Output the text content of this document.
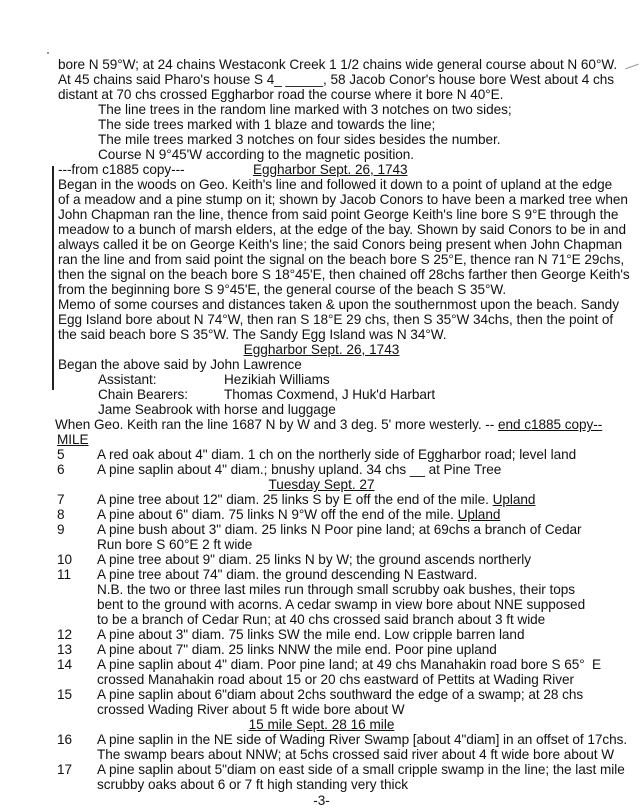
bore N 59°W; at 24 chains Westaconk Creek 1 1/2 chains wide general course about N 60°W.
At 45 chains said Pharo's house S 4_ _____, 58 Jacob Conor's house bore West about 4 chs
distant at 70 chs crossed Eggharbor road the course where it bore N 40°E.
The line trees in the random line marked with 3 notches on two sides;
The side trees marked with 1 blaze and towards the line;
The mile trees marked 3 notches on four sides besides the number.
Course N 9°45'W according to the magnetic position.
---from c1885 copy---	Eggharbor Sept. 26, 1743
Began in the woods on Geo. Keith's line and followed it down to a point of upland at the edge
of a meadow and a pine stump on it; shown by Jacob Conors to have been a marked tree when
John Chapman ran the line, thence from said point George Keith's line bore S 9°E through the
meadow to a bunch of marsh elders, at the edge of the bay. Shown by said Conors to be in and
always called it be on George Keith's line; the said Conors being present when John Chapman
ran the line and from said point the signal on the beach bore S 25°E, thence ran N 71°E 29chs,
then the signal on the beach bore S 18°45'E, then chained off 28chs farther then George Keith's
from the beginning bore S 9°45'E, the general course of the beach S 35°W.
Memo of some courses and distances taken & upon the southernmost upon the beach. Sandy
Egg Island bore about N 74°W, then ran S 18°E 29 chs, then S 35°W 34chs, then the point of
the said beach bore S 35°W. The Sandy Egg Island was N 34°W.
Eggharbor Sept. 26, 1743
Began the above said by John Lawrence
Assistant:	Hezikiah Williams
Chain Bearers:	Thomas Coxmend, J Huk'd Harbart
Jame Seabrook with horse and luggage
When Geo. Keith ran the line 1687 N by W and 3 deg. 5' more westerly. -- end c1885 copy--
MILE
5 A red oak about 4" diam. 1 ch on the northerly side of Eggharbor road; level land
6 A pine saplin about 4" diam.; bnushy upland. 34 chs __ at Pine Tree
Tuesday Sept. 27
7 A pine tree about 12" diam. 25 links S by E off the end of the mile. Upland
8 A pine about 6" diam. 75 links N 9°W off the end of the mile. Upland
9 A pine bush about 3" diam. 25 links N Poor pine land; at 69chs a branch of Cedar
Run bore S 60°E 2 ft wide
10 A pine tree about 9" diam. 25 links N by W; the ground ascends northerly
11 A pine tree about 74" diam. the ground descending N Eastward.
N.B. the two or three last miles run through small scrubby oak bushes, their tops
bent to the ground with acorns. A cedar swamp in view bore about NNE supposed
to be a branch of Cedar Run; at 40 chs crossed said branch about 3 ft wide
12 A pine about 3" diam. 75 links SW the mile end. Low cripple barren land
13 A pine about 7" diam. 25 links NNW the mile end. Poor pine upland
14 A pine saplin about 4" diam. Poor pine land; at 49 chs Manahakin road bore S 65° E
crossed Manahakin road about 15 or 20 chs eastward of Pettits at Wading River
15 A pine saplin about 6"diam about 2chs southward the edge of a swamp; at 28 chs
crossed Wading River about 5 ft wide bore about W
15 mile Sept. 28 16 mile
16 A pine saplin in the NE side of Wading River Swamp [about 4"diam] in an offset of 17chs.
The swamp bears about NNW; at 5chs crossed said river about 4 ft wide bore about W
17 A pine saplin about 5"diam on east side of a small cripple swamp in the line; the last mile
scrubby oaks about 6 or 7 ft high standing very thick
-3-
